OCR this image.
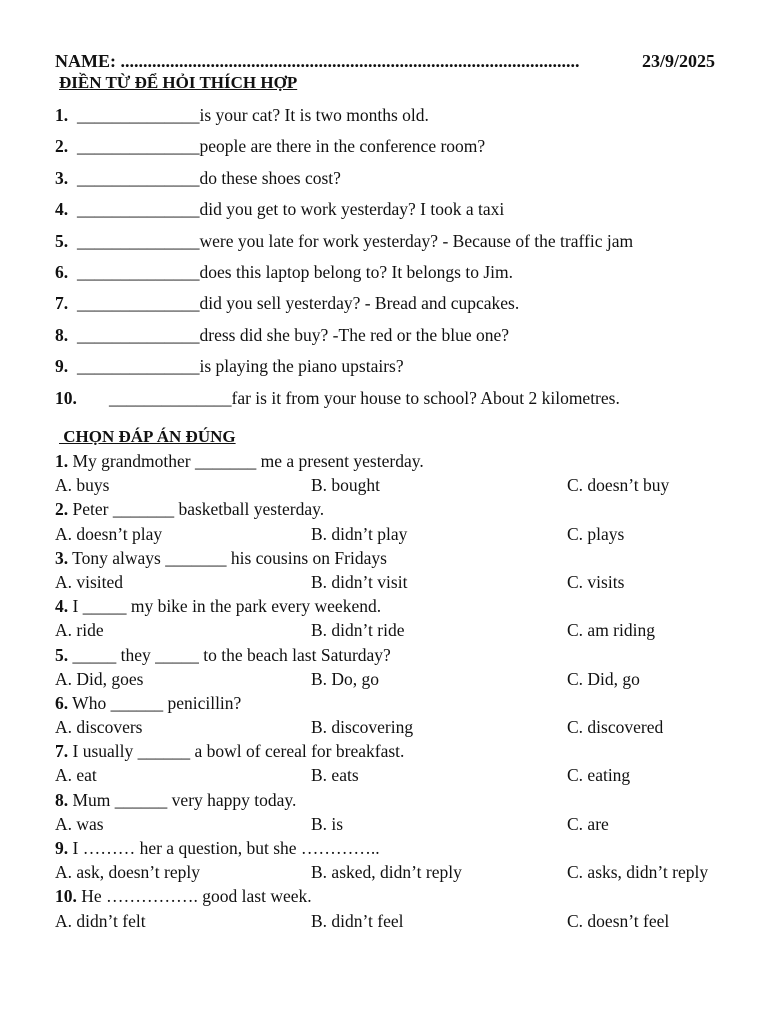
NAME: ......................................................................................................	23/9/2025
ĐIỀN TỪ ĐỂ HỎI THÍCH HỢP
1. ______________ is your cat? It is two months old.
2. ______________ people are there in the conference room?
3. ______________ do these shoes cost?
4. ______________ did you get to work yesterday? I took a taxi
5. ______________ were you late for work yesterday? - Because of the traffic jam
6. ______________ does this laptop belong to? It belongs to Jim.
7. ______________ did you sell yesterday? - Bread and cupcakes.
8. ______________ dress did she buy? -The red or the blue one?
9. ______________ is playing the piano upstairs?
10.	______________ far is it from your house to school? About 2 kilometres.
CHỌN ĐÁP ÁN ĐÚNG
1. My grandmother _______ me a present yesterday.
A. buys	B. bought	C. doesn’t buy
2. Peter _______ basketball yesterday.
A. doesn’t play	B. didn’t play	C. plays
3. Tony always _______ his cousins on Fridays
A. visited	B. didn’t visit	C. visits
4. I _____ my bike in the park every weekend.
A. ride	B. didn’t ride	C. am riding
5. _____ they _____ to the beach last Saturday?
A. Did, goes	B. Do, go	C. Did, go
6. Who ______ penicillin?
A. discovers	B. discovering	C. discovered
7. I usually ______ a bowl of cereal for breakfast.
A. eat	B. eats	C. eating
8. Mum ______ very happy today.
A. was	B. is	C. are
9. I ……… her a question, but she …………..
A. ask, doesn’t reply	B. asked, didn’t reply	C. asks, didn’t reply
10. He ……………. good last week.
A. didn’t felt	B. didn’t feel	C. doesn’t feel
